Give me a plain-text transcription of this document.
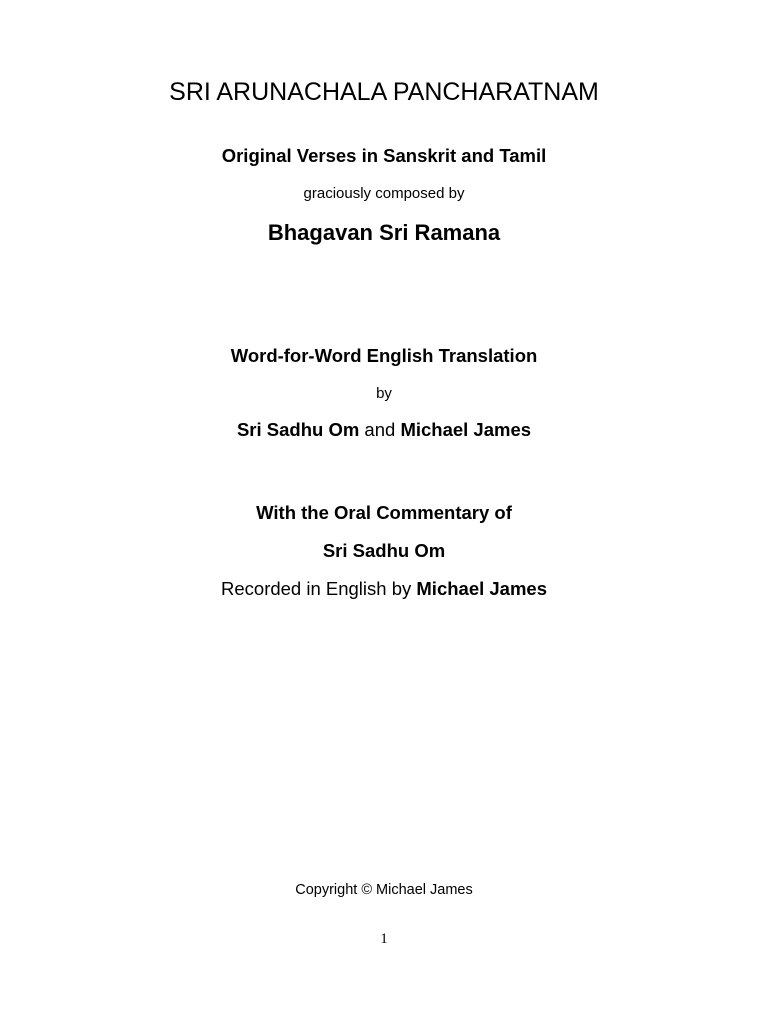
SRI ARUNACHALA PANCHARATNAM
Original Verses in Sanskrit and Tamil
graciously composed by
Bhagavan Sri Ramana
Word-for-Word English Translation
by
Sri Sadhu Om and Michael James
With the Oral Commentary of
Sri Sadhu Om
Recorded in English by Michael James
Copyright © Michael James
1
